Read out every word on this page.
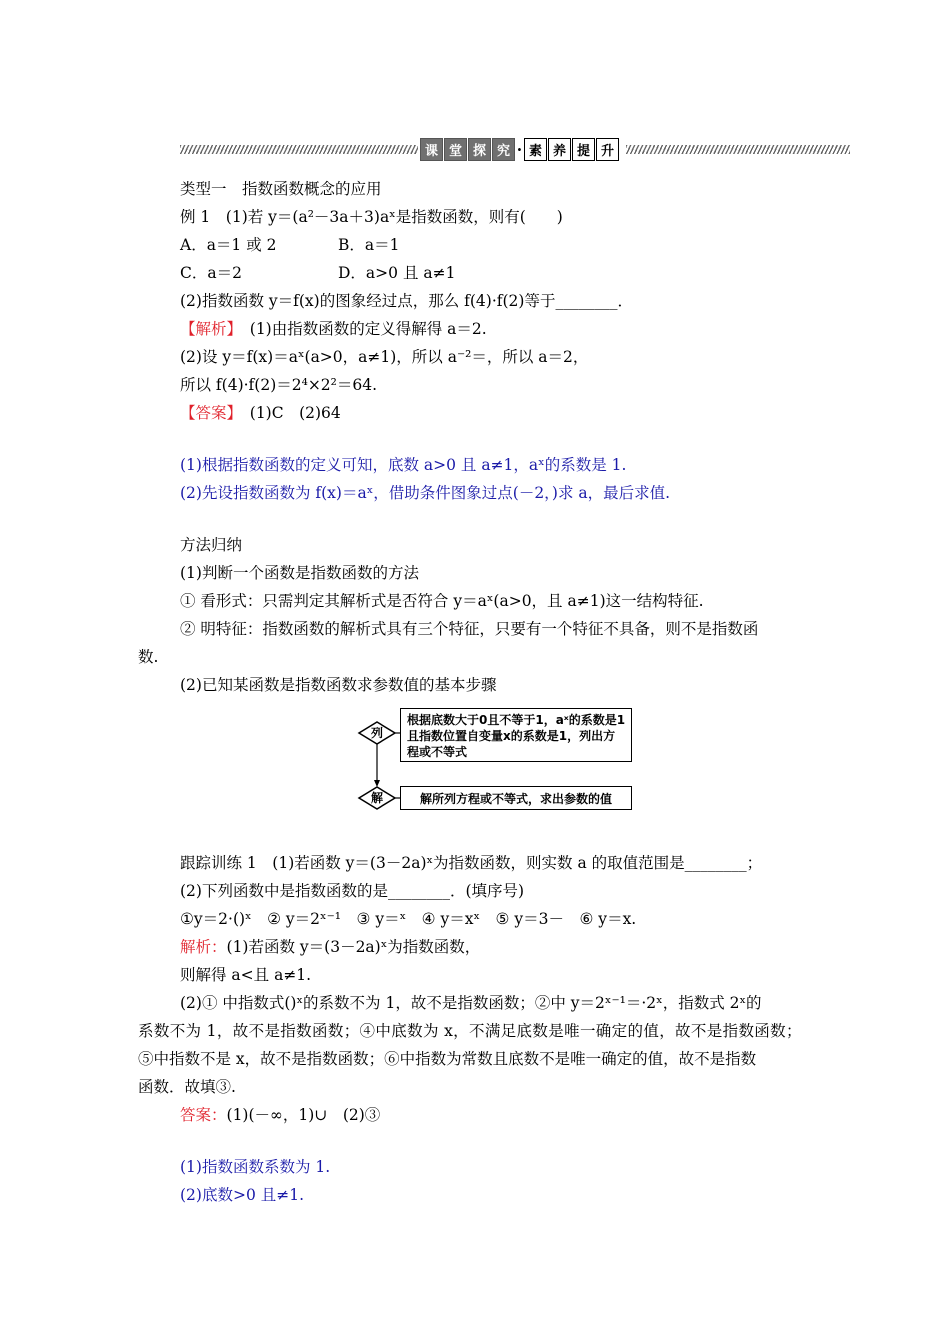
课 堂 探 究 · 素 养 提 升
类型一　指数函数概念的应用
例 1　(1)若 y＝(a²－3a＋3)aˣ是指数函数，则有(　　)
A．a＝1 或 2	B．a＝1
C．a＝2	D．a>0 且 a≠1
(2)指数函数 y＝f(x)的图象经过点，那么 f(4)·f(2)等于________．
【解析】　(1)由指数函数的定义得解得 a＝2.
(2)设 y＝f(x)＝aˣ(a>0，a≠1)，所以 a⁻²＝，所以 a＝2，
所以 f(4)·f(2)＝2⁴×2²＝64.
【答案】　(1)C　(2)64
(1)根据指数函数的定义可知，底数 a>0 且 a≠1，aˣ的系数是 1.
(2)先设指数函数为 f(x)＝aˣ，借助条件图象过点(－2，)求 a，最后求值.
方法归纳
(1)判断一个函数是指数函数的方法
① 看形式：只需判定其解析式是否符合 y＝aˣ(a>0，且 a≠1)这一结构特征.
② 明特征：指数函数的解析式具有三个特征，只要有一个特征不具备，则不是指数函
数.
(2)已知某函数是指数函数求参数值的基本步骤
列
解
根据底数大于0且不等于1，aˣ的系数是1
且指数位置自变量x的系数是1，列出方
程或不等式
解所列方程或不等式，求出参数的值
跟踪训练 1　(1)若函数 y＝(3－2a)ˣ为指数函数，则实数 a 的取值范围是________；
(2)下列函数中是指数函数的是________．(填序号)
①y＝2·()ˣ　② y＝2ˣ⁻¹　③ y＝ˣ　④ y＝xˣ　⑤ y＝3－　⑥ y＝x.
解析：(1)若函数 y＝(3－2a)ˣ为指数函数，
则解得 a<且 a≠1.
(2)① 中指数式()ˣ的系数不为 1，故不是指数函数；②中 y＝2ˣ⁻¹＝·2ˣ，指数式 2ˣ的
系数不为 1，故不是指数函数；④中底数为 x，不满足底数是唯一确定的值，故不是指数函数；
⑤中指数不是 x，故不是指数函数；⑥中指数为常数且底数不是唯一确定的值，故不是指数
函数．故填③.
答案：(1)(－∞，1)∪　(2)③
(1)指数函数系数为 1.
(2)底数>0 且≠1.
